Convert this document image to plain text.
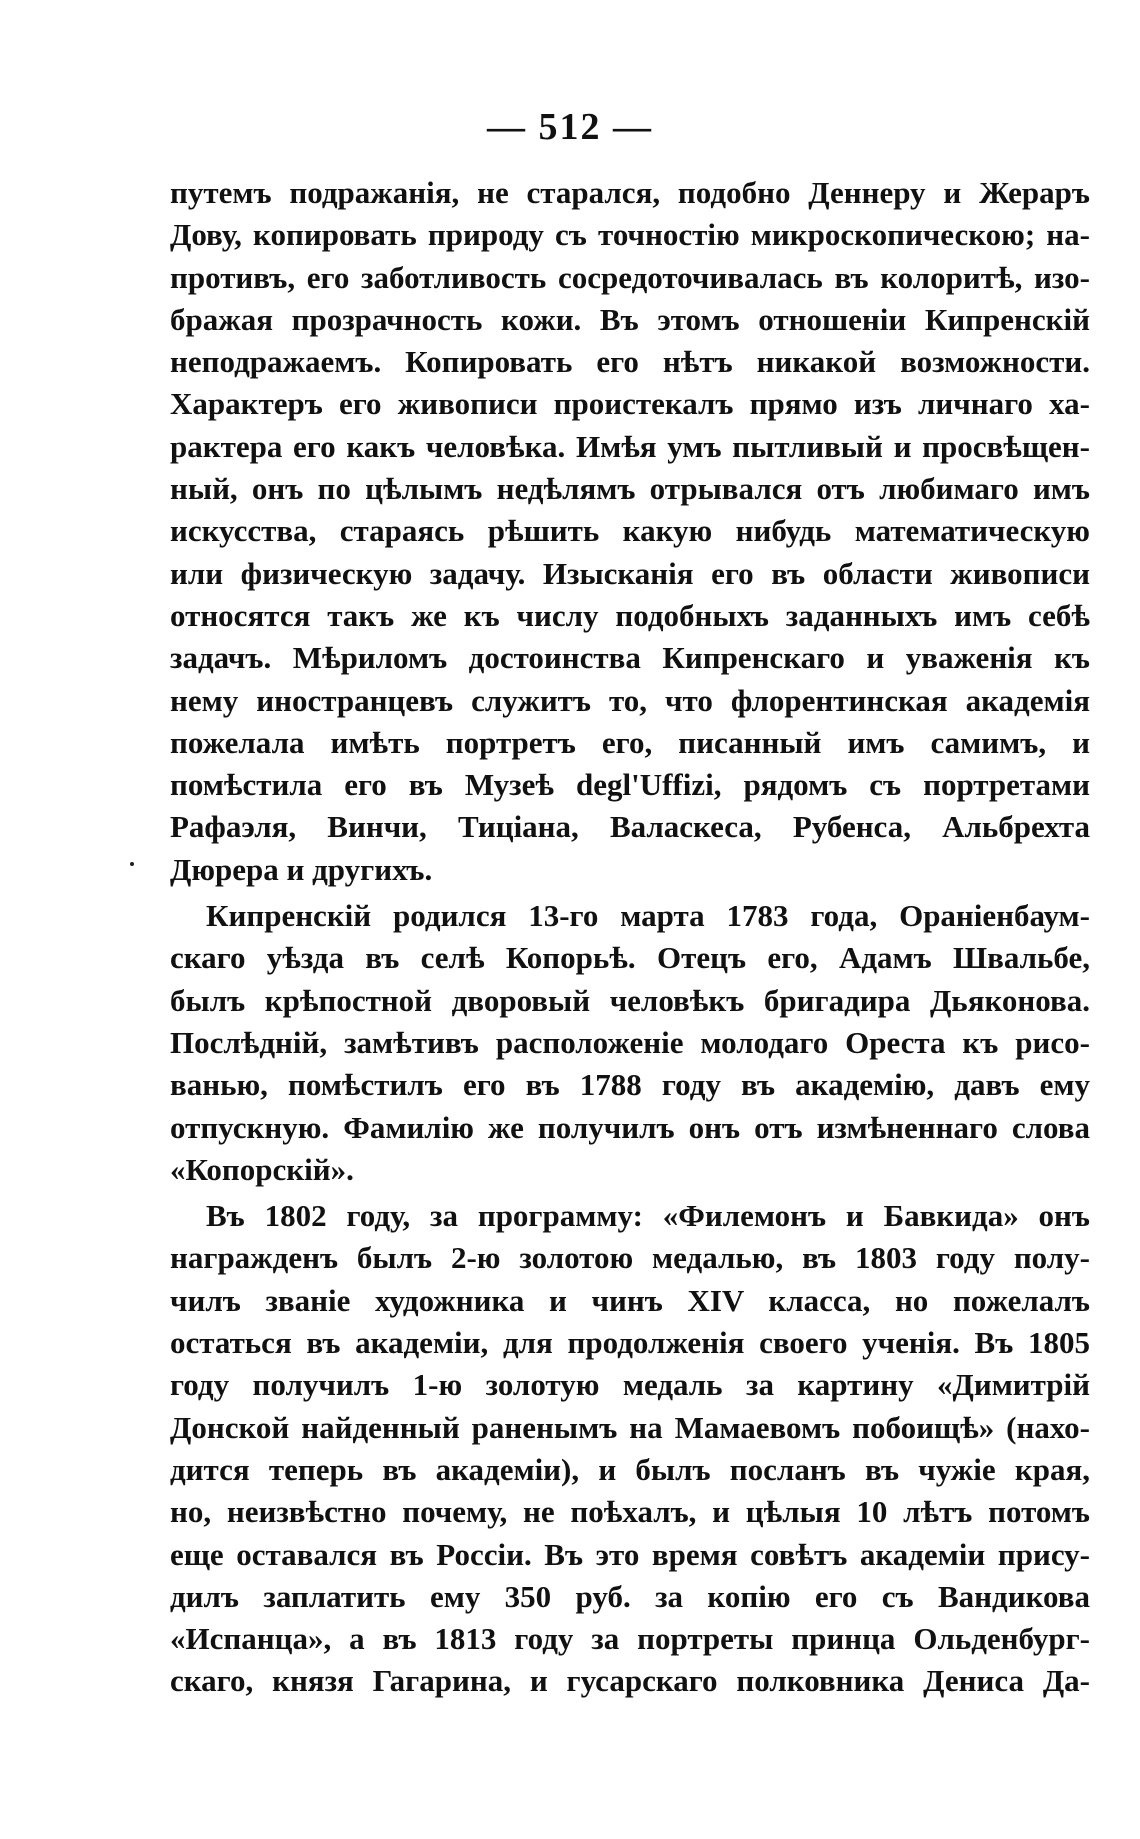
— 512 —
путемъ подражанія, не старался, подобно Деннеру и Жераръ
Дову, копировать природу съ точностію микроскопическою; на-
противъ, его заботливость сосредоточивалась въ колоритѣ, изо-
бражая прозрачность кожи. Въ этомъ отношеніи Кипренскій
неподражаемъ. Копировать его нѣтъ никакой возможности.
Характеръ его живописи проистекалъ прямо изъ личнаго ха-
рактера его какъ человѣка. Имѣя умъ пытливый и просвѣщен-
ный, онъ по цѣлымъ недѣлямъ отрывался отъ любимаго имъ
искусства, стараясь рѣшить какую нибудь математическую
или физическую задачу. Изысканія его въ области живописи
относятся такъ же къ числу подобныхъ заданныхъ имъ себѣ
задачъ. Мѣриломъ достоинства Кипренскаго и уваженія къ
нему иностранцевъ служитъ то, что флорентинская академія
пожелала имѣть портретъ его, писанный имъ самимъ, и
помѣстила его въ Музеѣ degl'Uffizi, рядомъ съ портретами
Рафаэля, Винчи, Тиціана, Валаскеса, Рубенса, Альбрехта
Дюрера и другихъ.
Кипренскій родился 13-го марта 1783 года, Ораніенбаум-
скаго уѣзда въ селѣ Копорьѣ. Отецъ его, Адамъ Швальбе,
былъ крѣпостной дворовый человѣкъ бригадира Дьяконова.
Послѣдній, замѣтивъ расположеніе молодаго Ореста къ рисо-
ванью, помѣстилъ его въ 1788 году въ академію, давъ ему
отпускную. Фамилію же получилъ онъ отъ измѣненнаго слова
«Копорскій».
Въ 1802 году, за программу: «Филемонъ и Бавкида» онъ
награжденъ былъ 2-ю золотою медалью, въ 1803 году полу-
чилъ званіе художника и чинъ XIV класса, но пожелалъ
остаться въ академіи, для продолженія своего ученія. Въ 1805
году получилъ 1-ю золотую медаль за картину «Димитрій
Донской найденный раненымъ на Мамаевомъ побоищѣ» (нахо-
дится теперь въ академіи), и былъ посланъ въ чужіе края,
но, неизвѣстно почему, не поѣхалъ, и цѣлыя 10 лѣтъ потомъ
еще оставался въ Россіи. Въ это время совѣтъ академіи прису-
дилъ заплатить ему 350 руб. за копію его съ Вандикова
«Испанца», а въ 1813 году за портреты принца Ольденбург-
скаго, князя Гагарина, и гусарскаго полковника Дениса Да-
